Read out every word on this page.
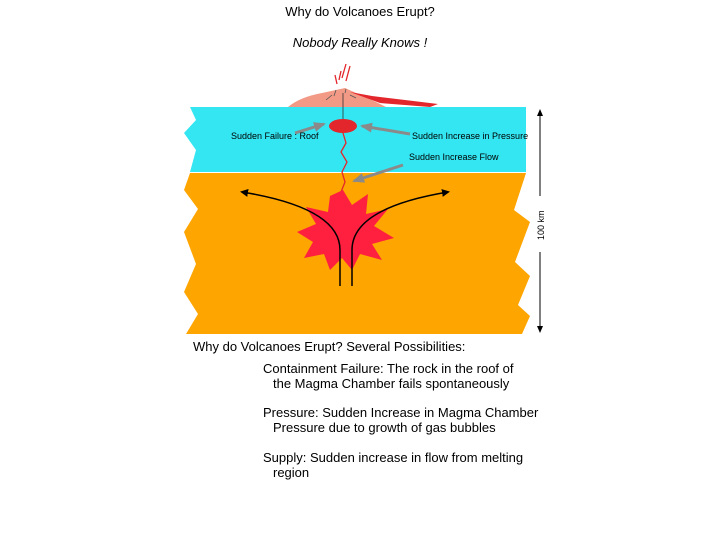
Why do Volcanoes Erupt?
Nobody Really Knows !
Sudden Failure : Roof	Sudden Increase in Pressure
Sudden Increase Flow
100 km
Why do Volcanoes Erupt? Several Possibilities:
Containment Failure: The rock in the roof of
the Magma Chamber fails spontaneously
Pressure: Sudden Increase in Magma Chamber
Pressure due to growth of gas bubbles
Supply: Sudden increase in flow from melting
region
